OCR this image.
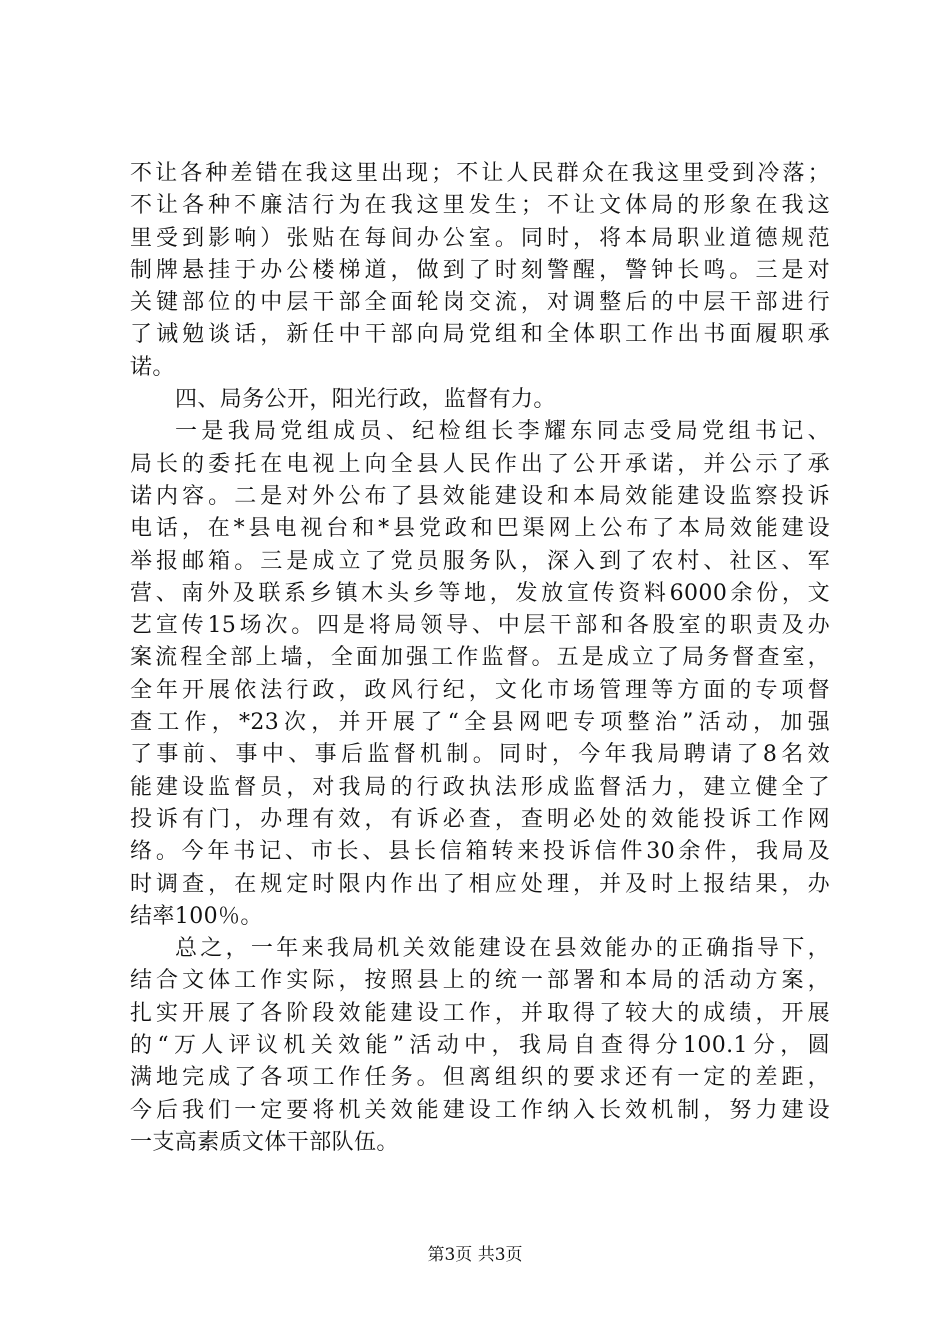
不让各种差错在我这里出现；不让人民群众在我这里受到冷落；
不让各种不廉洁行为在我这里发生；不让文体局的形象在我这
里受到影响）张贴在每间办公室。同时，将本局职业道德规范
制牌悬挂于办公楼梯道，做到了时刻警醒，警钟长鸣。三是对
关键部位的中层干部全面轮岗交流，对调整后的中层干部进行
了诫勉谈话，新任中干部向局党组和全体职工作出书面履职承
诺。
四、局务公开，阳光行政，监督有力。
一是我局党组成员、纪检组长李耀东同志受局党组书记、
局长的委托在电视上向全县人民作出了公开承诺，并公示了承
诺内容。二是对外公布了县效能建设和本局效能建设监察投诉
电话，在*县电视台和*县党政和巴渠网上公布了本局效能建设
举报邮箱。三是成立了党员服务队，深入到了农村、社区、军
营、南外及联系乡镇木头乡等地，发放宣传资料6000余份，文
艺宣传15场次。四是将局领导、中层干部和各股室的职责及办
案流程全部上墙，全面加强工作监督。五是成立了局务督查室，
全年开展依法行政，政风行纪，文化市场管理等方面的专项督
查工作，*23次，并开展了“全县网吧专项整治”活动，加强
了事前、事中、事后监督机制。同时，今年我局聘请了8名效
能建设监督员，对我局的行政执法形成监督活力，建立健全了
投诉有门，办理有效，有诉必查，查明必处的效能投诉工作网
络。今年书记、市长、县长信箱转来投诉信件30余件，我局及
时调查，在规定时限内作出了相应处理，并及时上报结果，办
结率100％。
总之，一年来我局机关效能建设在县效能办的正确指导下，
结合文体工作实际，按照县上的统一部署和本局的活动方案，
扎实开展了各阶段效能建设工作，并取得了较大的成绩，开展
的“万人评议机关效能”活动中，我局自查得分100.1分，圆
满地完成了各项工作任务。但离组织的要求还有一定的差距，
今后我们一定要将机关效能建设工作纳入长效机制，努力建设
一支高素质文体干部队伍。
第3页 共3页
